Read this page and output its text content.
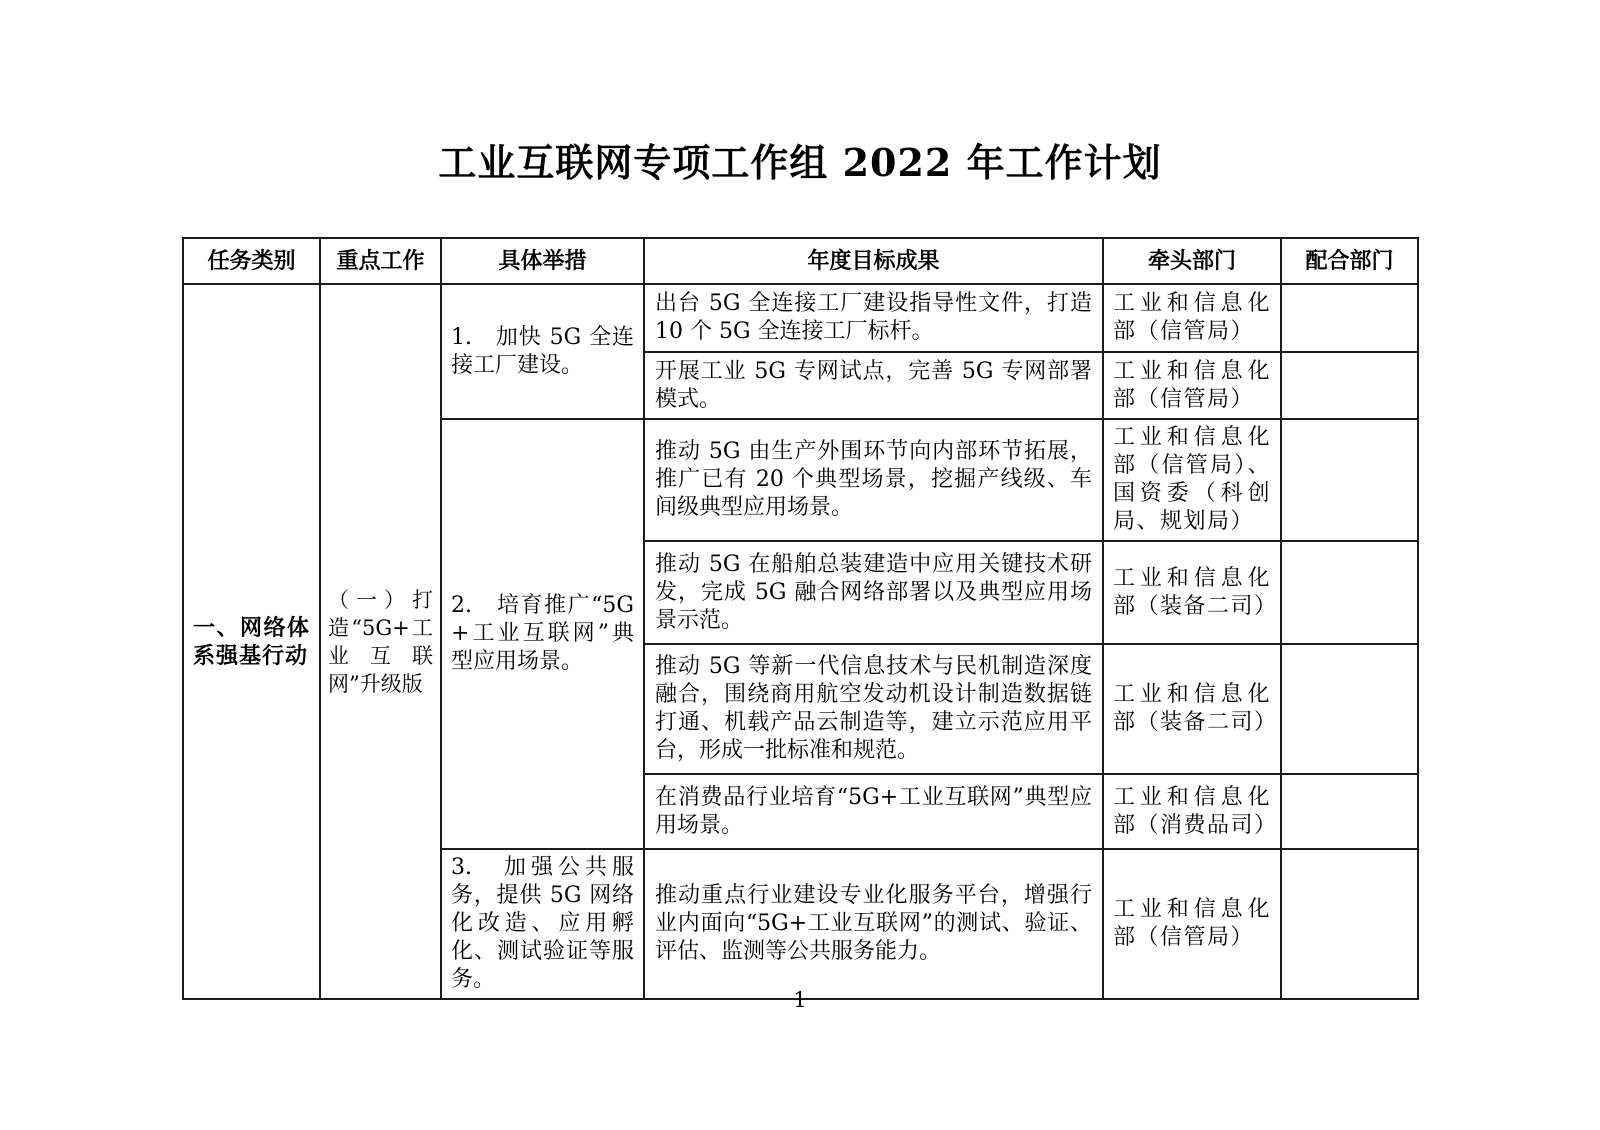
工业互联网专项工作组 2022 年工作计划
任务类别	重点工作	具体举措	年度目标成果	牵头部门	配合部门
一、网络体系强基行动	（一）打造“5G+工业互联网”升级版	1.　加快 5G 全连接工厂建设。	出台 5G 全连接工厂建设指导性文件，打造 10 个 5G 全连接工厂标杆。	工业和信息化部（信管局）	
			开展工业 5G 专网试点，完善 5G 专网部署模式。	工业和信息化部（信管局）	
		2.　培育推广“5G+工业互联网”典型应用场景。	推动 5G 由生产外围环节向内部环节拓展，推广已有 20 个典型场景，挖掘产线级、车间级典型应用场景。	工业和信息化部（信管局）、国资委（科创局、规划局）	
			推动 5G 在船舶总装建造中应用关键技术研发，完成 5G 融合网络部署以及典型应用场景示范。	工业和信息化部（装备二司）	
			推动 5G 等新一代信息技术与民机制造深度融合，围绕商用航空发动机设计制造数据链打通、机载产品云制造等，建立示范应用平台，形成一批标准和规范。	工业和信息化部（装备二司）	
			在消费品行业培育“5G+工业互联网”典型应用场景。	工业和信息化部（消费品司）	
		3.　加强公共服务，提供 5G 网络化改造、应用孵化、测试验证等服务。	推动重点行业建设专业化服务平台，增强行业内面向“5G+工业互联网”的测试、验证、评估、监测等公共服务能力。	工业和信息化部（信管局）	
1
